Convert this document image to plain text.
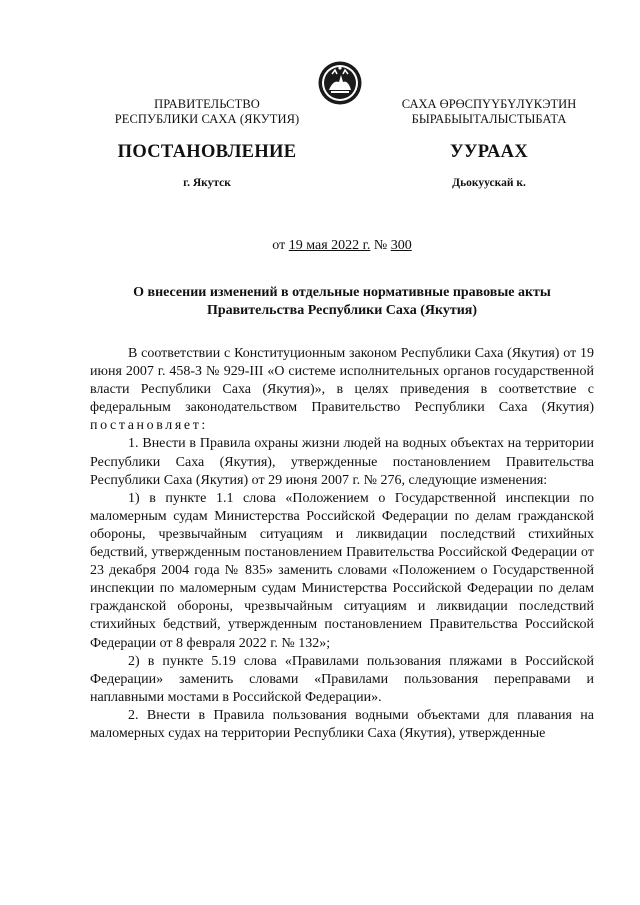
ПРАВИТЕЛЬСТВО
РЕСПУБЛИКИ САХА (ЯКУТИЯ)
САХА ӨРӨСПҮҮБҮЛҮКЭТИН
БЫРАБЫЫТАЛЫСТЫБАТА
ПОСТАНОВЛЕНИЕ	УУРААХ
г. Якутск	Дьокуускай к.
от 19 мая 2022 г. № 300
О внесении изменений в отдельные нормативные правовые акты
Правительства Республики Саха (Якутия)

В соответствии с Конституционным законом Республики Саха (Якутия) от 19 июня 2007 г. 458-З № 929-III «О системе исполнительных органов государственной власти Республики Саха (Якутия)», в целях приведения в соответствие с федеральным законодательством Правительство Республики Саха (Якутия) постановляет:

1. Внести в Правила охраны жизни людей на водных объектах на территории Республики Саха (Якутия), утвержденные постановлением Правительства Республики Саха (Якутия) от 29 июня 2007 г. № 276, следующие изменения:

1) в пункте 1.1 слова «Положением о Государственной инспекции по маломерным судам Министерства Российской Федерации по делам гражданской обороны, чрезвычайным ситуациям и ликвидации последствий стихийных бедствий, утвержденным постановлением Правительства Российской Федерации от 23 декабря 2004 года № 835» заменить словами «Положением о Государственной инспекции по маломерным судам Министерства Российской Федерации по делам гражданской обороны, чрезвычайным ситуациям и ликвидации последствий стихийных бедствий, утвержденным постановлением Правительства Российской Федерации от 8 февраля 2022 г. № 132»;

2) в пункте 5.19 слова «Правилами пользования пляжами в Российской Федерации» заменить словами «Правилами пользования переправами и наплавными мостами в Российской Федерации».

2. Внести в Правила пользования водными объектами для плавания на маломерных судах на территории Республики Саха (Якутия), утвержденные
